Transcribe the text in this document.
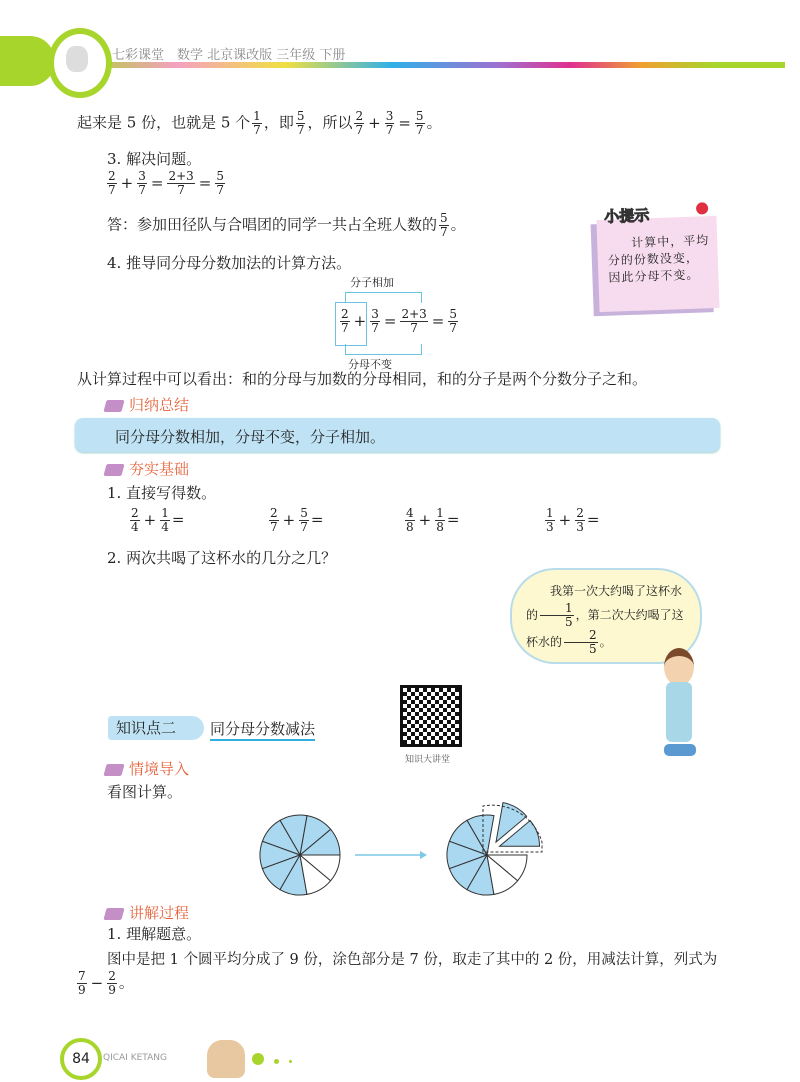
七彩课堂　数学 北京课改版 三年级 下册
起来是 5 份，也就是 5 个 $\frac{1}{7}$ ，即 $\frac{5}{7}$ ，所以 $\frac{2}{7} + \frac{3}{7} = \frac{5}{7}$ 。
3. 解决问题。
$\frac{2}{7} + \frac{3}{7} = \frac{2+3}{7} = \frac{5}{7}$
答：参加田径队与合唱团的同学一共占全班人数的 $\frac{5}{7}$ 。
4. 推导同分母分数加法的计算方法。
分子相加
$\frac{2}{7} + \frac{3}{7} = \frac{2+3}{7} = \frac{5}{7}$
分母不变
小提示
计算中，平均分的份数没变，因此分母不变。
从计算过程中可以看出：和的分母与加数的分母相同，和的分子是两个分数分子之和。
归纳总结
同分母分数相加，分母不变，分子相加。
夯实基础
1. 直接写得数。
$\frac{2}{4} + \frac{1}{4}$ =	$\frac{2}{7} + \frac{5}{7}$ =	$\frac{4}{8} + \frac{1}{8}$ =	$\frac{1}{3} + \frac{2}{3}$ =
2. 两次共喝了这杯水的几分之几？
我第一次大约喝了这杯水的 $\frac{1}{5}$ ，第二次大约喝了这杯水的 $\frac{2}{5}$ 。
知识大讲堂
知识点二	同分母分数减法
情境导入
看图计算。
讲解过程
1. 理解题意。
图中是把 1 个圆平均分成了 9 份，涂色部分是 7 份，取走了其中的 2 份，用减法计算，列式为
$\frac{7}{9} - \frac{2}{9}$ 。
84	QICAI KETANG
